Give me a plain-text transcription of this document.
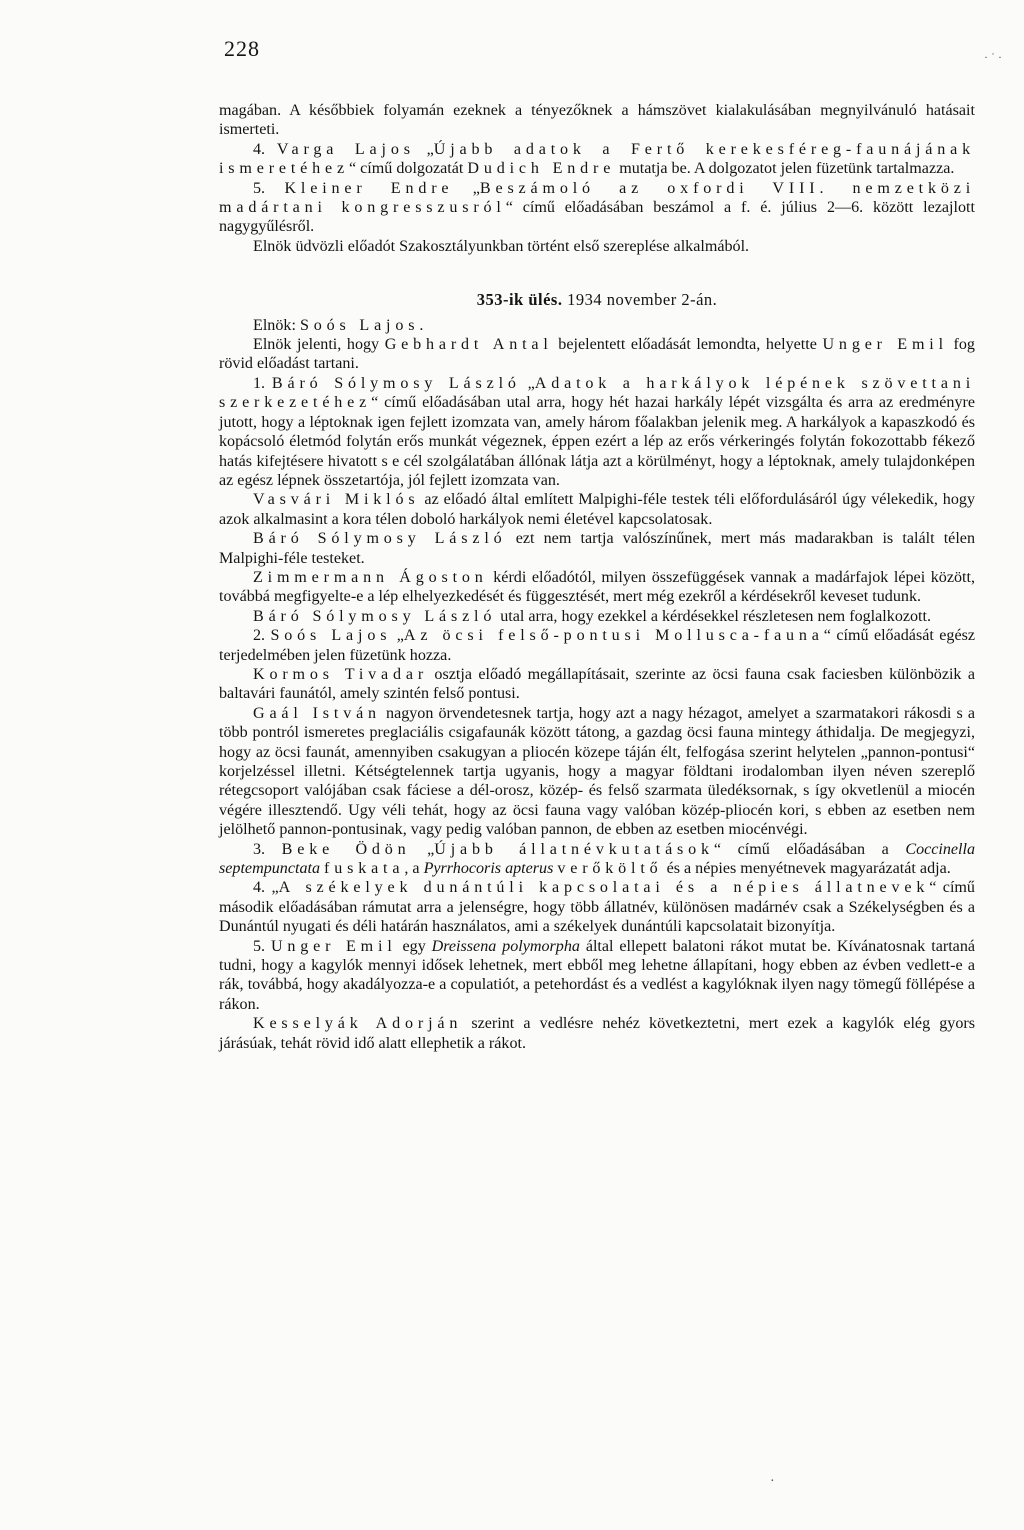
228	· ˙ ·
·

magában. A későbbiek folyamán ezeknek a tényezőknek a hámszövet kialakulásában megnyilvánuló hatásait ismerteti.

4. Varga Lajos „Újabb adatok a Fertő kerekesféreg-faunájának ismeretéhez“ című dolgozatát Dudich Endre mutatja be. A dolgozatot jelen füzetünk tartalmazza.

5. Kleiner Endre „Beszámoló az oxfordi VIII. nemzetközi madártani kongresszusról“ című előadásában beszámol a f. é. július 2—6. között lezajlott nagygyűlésről.

Elnök üdvözli előadót Szakosztályunkban történt első szereplése alkalmából.

353-ik ülés. 1934 november 2-án.

Elnök: Soós Lajos.

Elnök jelenti, hogy Gebhardt Antal bejelentett előadását lemondta, helyette Unger Emil fog rövid előadást tartani.

1. Báró Sólymosy László „Adatok a harkályok lépének szövettani szerkezetéhez“ című előadásában utal arra, hogy hét hazai harkály lépét vizsgálta és arra az eredményre jutott, hogy a léptoknak igen fejlett izomzata van, amely három főalakban jelenik meg. A harkályok a kapaszkodó és kopácsoló életmód folytán erős munkát végeznek, éppen ezért a lép az erős vérkeringés folytán fokozottabb fékező hatás kifejtésere hivatott s e cél szolgálatában állónak látja azt a körülményt, hogy a léptoknak, amely tulajdonképen az egész lépnek összetartója, jól fejlett izomzata van.

Vasvári Miklós az előadó által említett Malpighi-féle testek téli előfordulásáról úgy vélekedik, hogy azok alkalmasint a kora télen doboló harkályok nemi életével kapcsolatosak.

Báró Sólymosy László ezt nem tartja valószínűnek, mert más madarakban is talált télen Malpighi-féle testeket.

Zimmermann Ágoston kérdi előadótól, milyen összefüggések vannak a madárfajok lépei között, továbbá megfigyelte-e a lép elhelyezkedését és függesztését, mert még ezekről a kérdésekről keveset tudunk.

Báró Sólymosy László utal arra, hogy ezekkel a kérdésekkel részletesen nem foglalkozott.

2. Soós Lajos „Az öcsi felső-pontusi Mollusca-fauna“ című előadását egész terjedelmében jelen füzetünk hozza.

Kormos Tivadar osztja előadó megállapításait, szerinte az öcsi fauna csak faciesben különbözik a baltavári faunától, amely szintén felső pontusi.

Gaál István nagyon örvendetesnek tartja, hogy azt a nagy hézagot, amelyet a szarmatakori rákosdi s a több pontról ismeretes preglaciális csigafaunák között tátong, a gazdag öcsi fauna mintegy áthidalja. De megjegyzi, hogy az öcsi faunát, amennyiben csakugyan a pliocén közepe táján élt, felfogása szerint helytelen „pannon-pontusi“ korjelzéssel illetni. Kétségtelennek tartja ugyanis, hogy a magyar földtani irodalomban ilyen néven szereplő rétegcsoport valójában csak fáciese a dél-orosz, közép- és felső szarmata üledéksornak, s így okvetlenül a miocén végére illesztendő. Ugy véli tehát, hogy az öcsi fauna vagy valóban közép-pliocén kori, s ebben az esetben nem jelölhető pannon-pontusinak, vagy pedig valóban pannon, de ebben az esetben miocénvégi.

3. Beke Ödön „Újabb állatnévkutatások“ című előadásában a Coccinella septempunctata fuskata, a Pyrrhocoris apterus verőköltő és a népies menyétnevek magyarázatát adja.

4. „A székelyek dunántúli kapcsolatai és a népies állatnevek“ című második előadásában rámutat arra a jelenségre, hogy több állatnév, különösen madárnév csak a Székelységben és a Dunántúl nyugati és déli határán használatos, ami a székelyek dunántúli kapcsolatait bizonyítja.

5. Unger Emil egy Dreissena polymorpha által ellepett balatoni rákot mutat be. Kívánatosnak tartaná tudni, hogy a kagylók mennyi idősek lehetnek, mert ebből meg lehetne állapítani, hogy ebben az évben vedlett-e a rák, továbbá, hogy akadályozza-e a copulatiót, a petehordást és a vedlést a kagylóknak ilyen nagy tömegű föllépése a rákon.

Kesselyák Adorján szerint a vedlésre nehéz következtetni, mert ezek a kagylók elég gyors járásúak, tehát rövid idő alatt ellephetik a rákot.
